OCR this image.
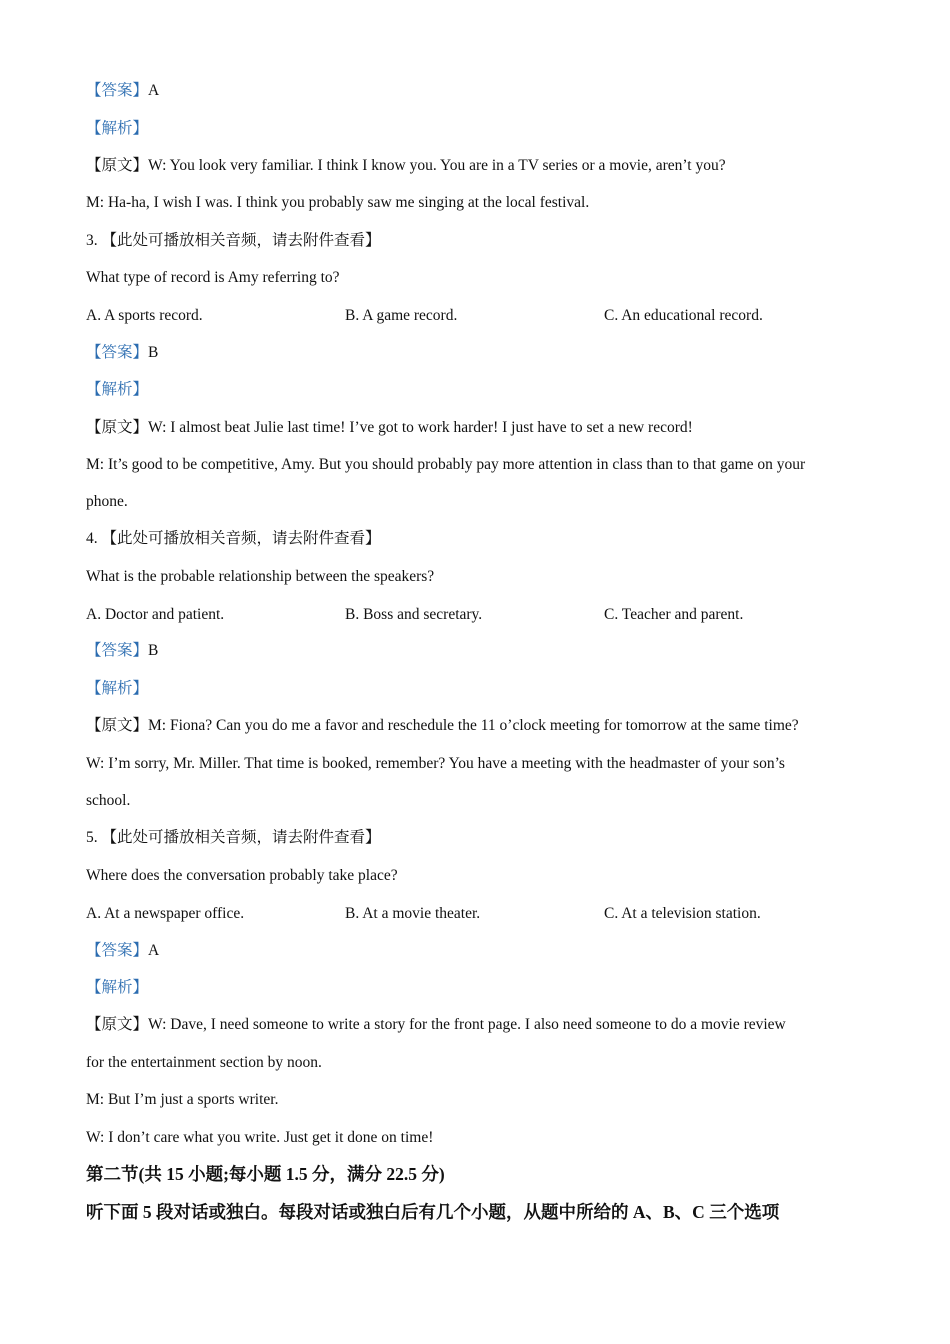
【答案】A
【解析】
【原文】W: You look very familiar. I think I know you. You are in a TV series or a movie, aren’t you?
M: Ha-ha, I wish I was. I think you probably saw me singing at the local festival.
3. 【此处可播放相关音频，请去附件查看】
What type of record is Amy referring to?
A. A sports record.	B. A game record.	C. An educational record.
【答案】B
【解析】
【原文】W: I almost beat Julie last time! I’ve got to work harder! I just have to set a new record!
M: It’s good to be competitive, Amy. But you should probably pay more attention in class than to that game on your
phone.
4. 【此处可播放相关音频，请去附件查看】
What is the probable relationship between the speakers?
A. Doctor and patient.	B. Boss and secretary.	C. Teacher and parent.
【答案】B
【解析】
【原文】M: Fiona? Can you do me a favor and reschedule the 11 o’clock meeting for tomorrow at the same time?
W: I’m sorry, Mr. Miller. That time is booked, remember? You have a meeting with the headmaster of your son’s
school.
5. 【此处可播放相关音频，请去附件查看】
Where does the conversation probably take place?
A. At a newspaper office.	B. At a movie theater.	C. At a television station.
【答案】A
【解析】
【原文】W: Dave, I need someone to write a story for the front page. I also need someone to do a movie review
for the entertainment section by noon.
M: But I’m just a sports writer.
W: I don’t care what you write. Just get it done on time!
第二节(共 15 小题;每小题 1.5 分，满分 22.5 分)
听下面 5 段对话或独白。每段对话或独白后有几个小题，从题中所给的 A、B、C 三个选项
